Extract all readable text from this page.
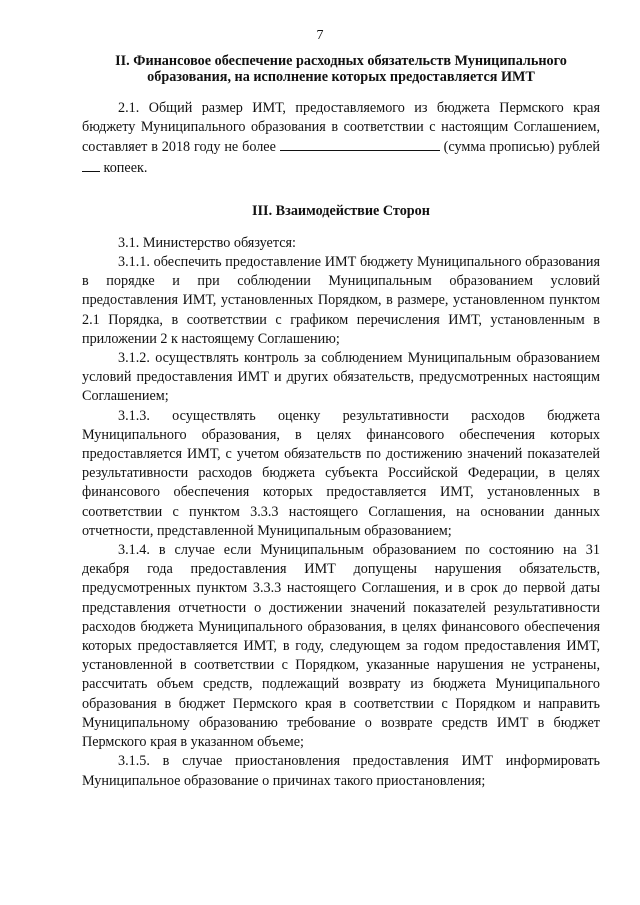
7
II. Финансовое обеспечение расходных обязательств Муниципального образования, на исполнение которых предоставляется ИМТ

2.1. Общий размер ИМТ, предоставляемого из бюджета Пермского края бюджету Муниципального образования в соответствии с настоящим Соглашением, составляет в 2018 году не более	(сумма прописью) рублей  копеек.

III. Взаимодействие Сторон

3.1. Министерство обязуется:

3.1.1. обеспечить предоставление ИМТ бюджету Муниципального образования в порядке и при соблюдении Муниципальным образованием условий предоставления ИМТ, установленных Порядком, в размере, установленном пунктом 2.1 Порядка, в соответствии с графиком перечисления ИМТ, установленным в приложении 2 к настоящему Соглашению;

3.1.2. осуществлять контроль за соблюдением Муниципальным образованием условий предоставления ИМТ и других обязательств, предусмотренных настоящим Соглашением;

3.1.3. осуществлять оценку результативности расходов бюджета Муниципального образования, в целях финансового обеспечения которых предоставляется ИМТ, с учетом обязательств по достижению значений показателей результативности расходов бюджета субъекта Российской Федерации, в целях финансового обеспечения которых предоставляется ИМТ, установленных в соответствии с пунктом 3.3.3 настоящего Соглашения, на основании данных отчетности, представленной Муниципальным образованием;

3.1.4. в случае если Муниципальным образованием по состоянию на 31 декабря года предоставления ИМТ допущены нарушения обязательств, предусмотренных пунктом 3.3.3 настоящего Соглашения, и в срок до первой даты представления отчетности о достижении значений показателей результативности расходов бюджета Муниципального образования, в целях финансового обеспечения которых предоставляется ИМТ, в году, следующем за годом предоставления ИМТ, установленной в соответствии с Порядком, указанные нарушения не устранены, рассчитать объем средств, подлежащий возврату из бюджета Муниципального образования в бюджет Пермского края в соответствии с Порядком и направить Муниципальному образованию требование о возврате средств ИМТ в бюджет Пермского края в указанном объеме;

3.1.5. в случае приостановления предоставления ИМТ информировать Муниципальное образование о причинах такого приостановления;
